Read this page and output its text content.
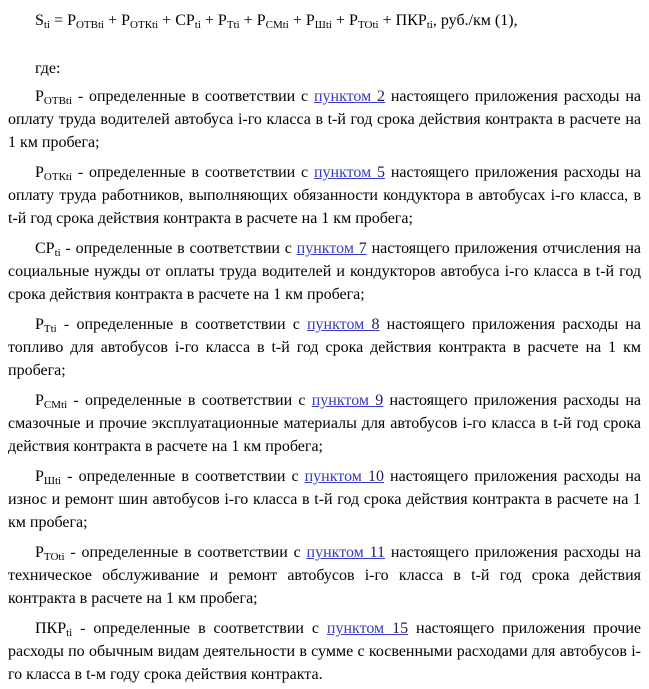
$S_{ti} = Р_{ОТВti} + Р_{ОТКti} + СР_{ti} + Р_{Тti} + Р_{СМti} + Р_{Шti} + Р_{ТОti} + ПКР_{ti}$, руб./км (1),

где:

$Р_{ОТВti}$ - определенные в соответствии с пунктом 2 настоящего приложения расходы на оплату труда водителей автобуса i-го класса в t-й год срока действия контракта в расчете на 1 км пробега;

$Р_{ОТКti}$ - определенные в соответствии с пунктом 5 настоящего приложения расходы на оплату труда работников, выполняющих обязанности кондуктора в автобусах i-го класса, в t-й год срока действия контракта в расчете на 1 км пробега;

$СР_{ti}$ - определенные в соответствии с пунктом 7 настоящего приложения отчисления на социальные нужды от оплаты труда водителей и кондукторов автобуса i-го класса в t-й год срока действия контракта в расчете на 1 км пробега;

$Р_{Тti}$ - определенные в соответствии с пунктом 8 настоящего приложения расходы на топливо для автобусов i-го класса в t-й год срока действия контракта в расчете на 1 км пробега;

$Р_{СМti}$ - определенные в соответствии с пунктом 9 настоящего приложения расходы на смазочные и прочие эксплуатационные материалы для автобусов i-го класса в t-й год срока действия контракта в расчете на 1 км пробега;

$Р_{Шti}$ - определенные в соответствии с пунктом 10 настоящего приложения расходы на износ и ремонт шин автобусов i-го класса в t-й год срока действия контракта в расчете на 1 км пробега;

$Р_{ТОti}$ - определенные в соответствии с пунктом 11 настоящего приложения расходы на техническое обслуживание и ремонт автобусов i-го класса в t-й год срока действия контракта в расчете на 1 км пробега;

$ПКР_{ti}$ - определенные в соответствии с пунктом 15 настоящего приложения прочие расходы по обычным видам деятельности в сумме с косвенными расходами для автобусов i-го класса в t-м году срока действия контракта.
